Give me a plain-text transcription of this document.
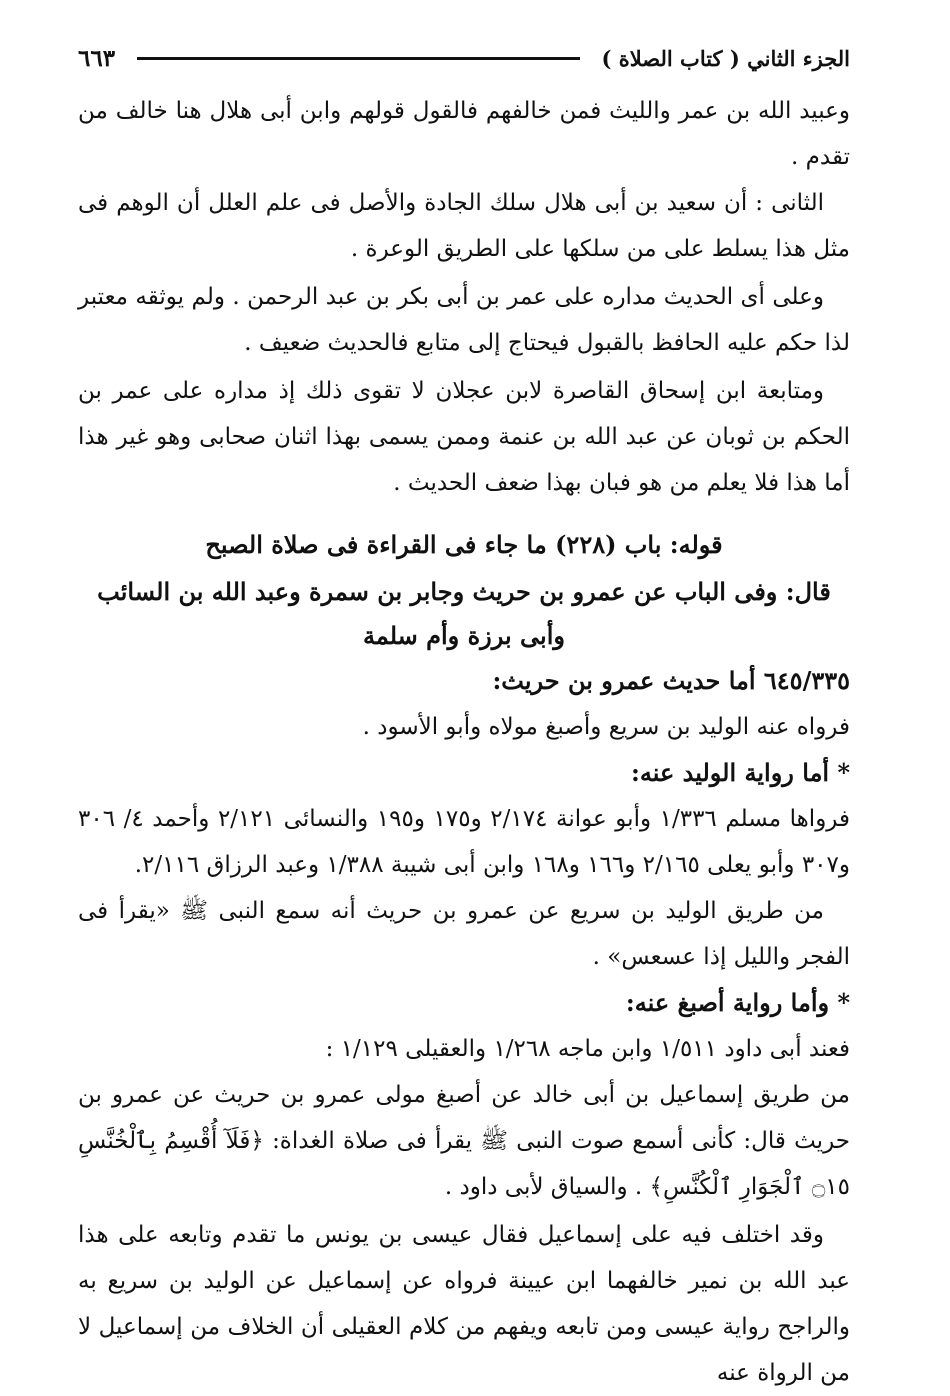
الجزء الثاني ( كتاب الصلاة )
٦٦٣

وعبيد الله بن عمر والليث فمن خالفهم فالقول قولهم وابن أبى هلال هنا خالف من تقدم .

الثانى : أن سعيد بن أبى هلال سلك الجادة والأصل فى علم العلل أن الوهم فى مثل هذا يسلط على من سلكها على الطريق الوعرة .

وعلى أى الحديث مداره على عمر بن أبى بكر بن عبد الرحمن . ولم يوثقه معتبر لذا حكم عليه الحافظ بالقبول فيحتاج إلى متابع فالحديث ضعيف .

ومتابعة ابن إسحاق القاصرة لابن عجلان لا تقوى ذلك إذ مداره على عمر بن الحكم بن ثوبان عن عبد الله بن عنمة وممن يسمى بهذا اثنان صحابى وهو غير هذا أما هذا فلا يعلم من هو فبان بهذا ضعف الحديث .

قوله: باب (٢٢٨) ما جاء فى القراءة فى صلاة الصبح
قال: وفى الباب عن عمرو بن حريث وجابر بن سمرة وعبد الله بن السائب
وأبى برزة وأم سلمة

٦٤٥/٣٣٥ أما حديث عمرو بن حريث:

فرواه عنه الوليد بن سريع وأصبغ مولاه وأبو الأسود .

* أما رواية الوليد عنه:

فرواها مسلم ١/٣٣٦ وأبو عوانة ٢/١٧٤ و١٧٥ و١٩٥ والنسائى ٢/١٢١ وأحمد ٤/ ٣٠٦ و٣٠٧ وأبو يعلى ٢/١٦٥ و١٦٦ و١٦٨ وابن أبى شيبة ١/٣٨٨ وعبد الرزاق ٢/١١٦.

من طريق الوليد بن سريع عن عمرو بن حريث أنه سمع النبى ﷺ «يقرأ فى الفجر والليل إذا عسعس» .

* وأما رواية أصبغ عنه:

فعند أبى داود ١/٥١١ وابن ماجه ١/٢٦٨ والعقيلى ١/١٢٩ :

من طريق إسماعيل بن أبى خالد عن أصبغ مولى عمرو بن حريث عن عمرو بن حريث قال: كأنى أسمع صوت النبى ﷺ يقرأ فى صلاة الغداة: ﴿فَلَآ أُقْسِمُ بِٱلْخُنَّسِ ۝١٥ ٱلْجَوَارِ ٱلْكُنَّسِ﴾ . والسياق لأبى داود .

وقد اختلف فيه على إسماعيل فقال عيسى بن يونس ما تقدم وتابعه على هذا عبد الله بن نمير خالفهما ابن عيينة فرواه عن إسماعيل عن الوليد بن سريع به والراجح رواية عيسى ومن تابعه ويفهم من كلام العقيلى أن الخلاف من إسماعيل لا من الرواة عنه
